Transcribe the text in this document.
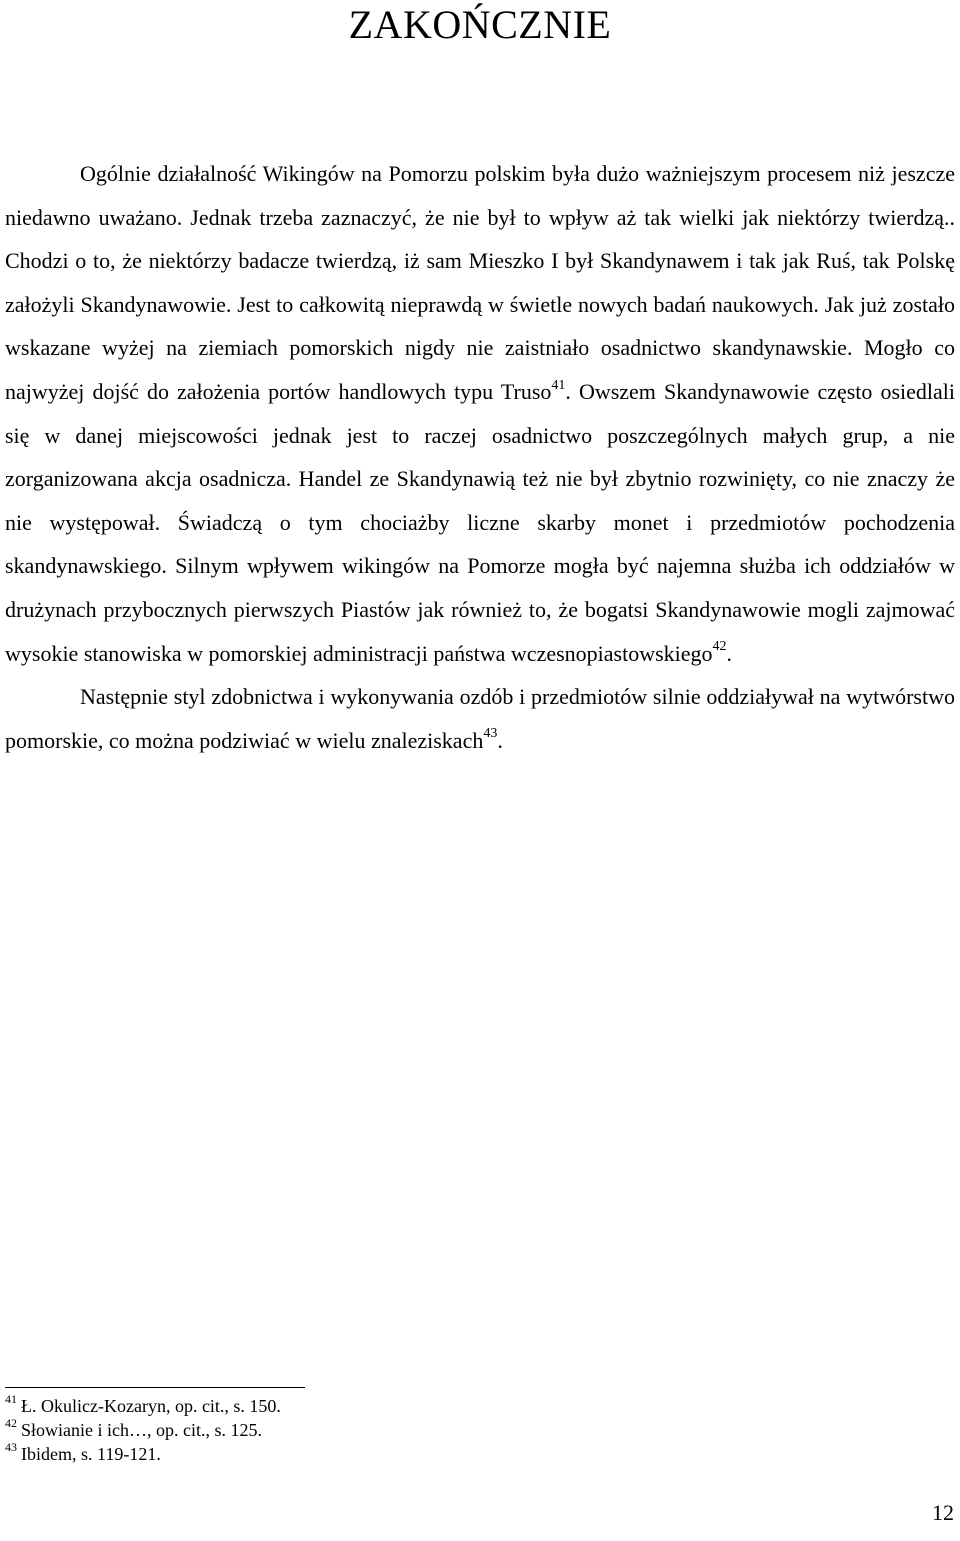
ZAKOŃCZNIE

Ogólnie działalność Wikingów na Pomorzu polskim była dużo ważniejszym procesem niż jeszcze niedawno uważano. Jednak trzeba zaznaczyć, że nie był to wpływ aż tak wielki jak niektórzy twierdzą.. Chodzi o to, że niektórzy badacze twierdzą, iż sam Mieszko I był Skandynawem i tak jak Ruś, tak Polskę założyli Skandynawowie. Jest to całkowitą nieprawdą w świetle nowych badań naukowych. Jak już zostało wskazane wyżej na ziemiach pomorskich nigdy nie zaistniało osadnictwo skandynawskie. Mogło co najwyżej dojść do założenia portów handlowych typu Truso$^{41}$. Owszem Skandynawowie często osiedlali się w danej miejscowości jednak jest to raczej osadnictwo poszczególnych małych grup, a nie zorganizowana akcja osadnicza. Handel ze Skandynawią też nie był zbytnio rozwinięty, co nie znaczy że nie występował. Świadczą o tym chociażby liczne skarby monet i przedmiotów pochodzenia skandynawskiego. Silnym wpływem wikingów na Pomorze mogła być najemna służba ich oddziałów w drużynach przybocznych pierwszych Piastów jak również to, że bogatsi Skandynawowie mogli zajmować wysokie stanowiska w pomorskiej administracji państwa wczesnopiastowskiego$^{42}$.

Następnie styl zdobnictwa i wykonywania ozdób i przedmiotów silnie oddziaływał na wytwórstwo pomorskie, co można podziwiać w wielu znaleziskach$^{43}$.

$^{41}$ Ł. Okulicz-Kozaryn, op. cit., s. 150.
$^{42}$ Słowianie i ich…, op. cit., s. 125.
$^{43}$ Ibidem, s. 119-121.
12
